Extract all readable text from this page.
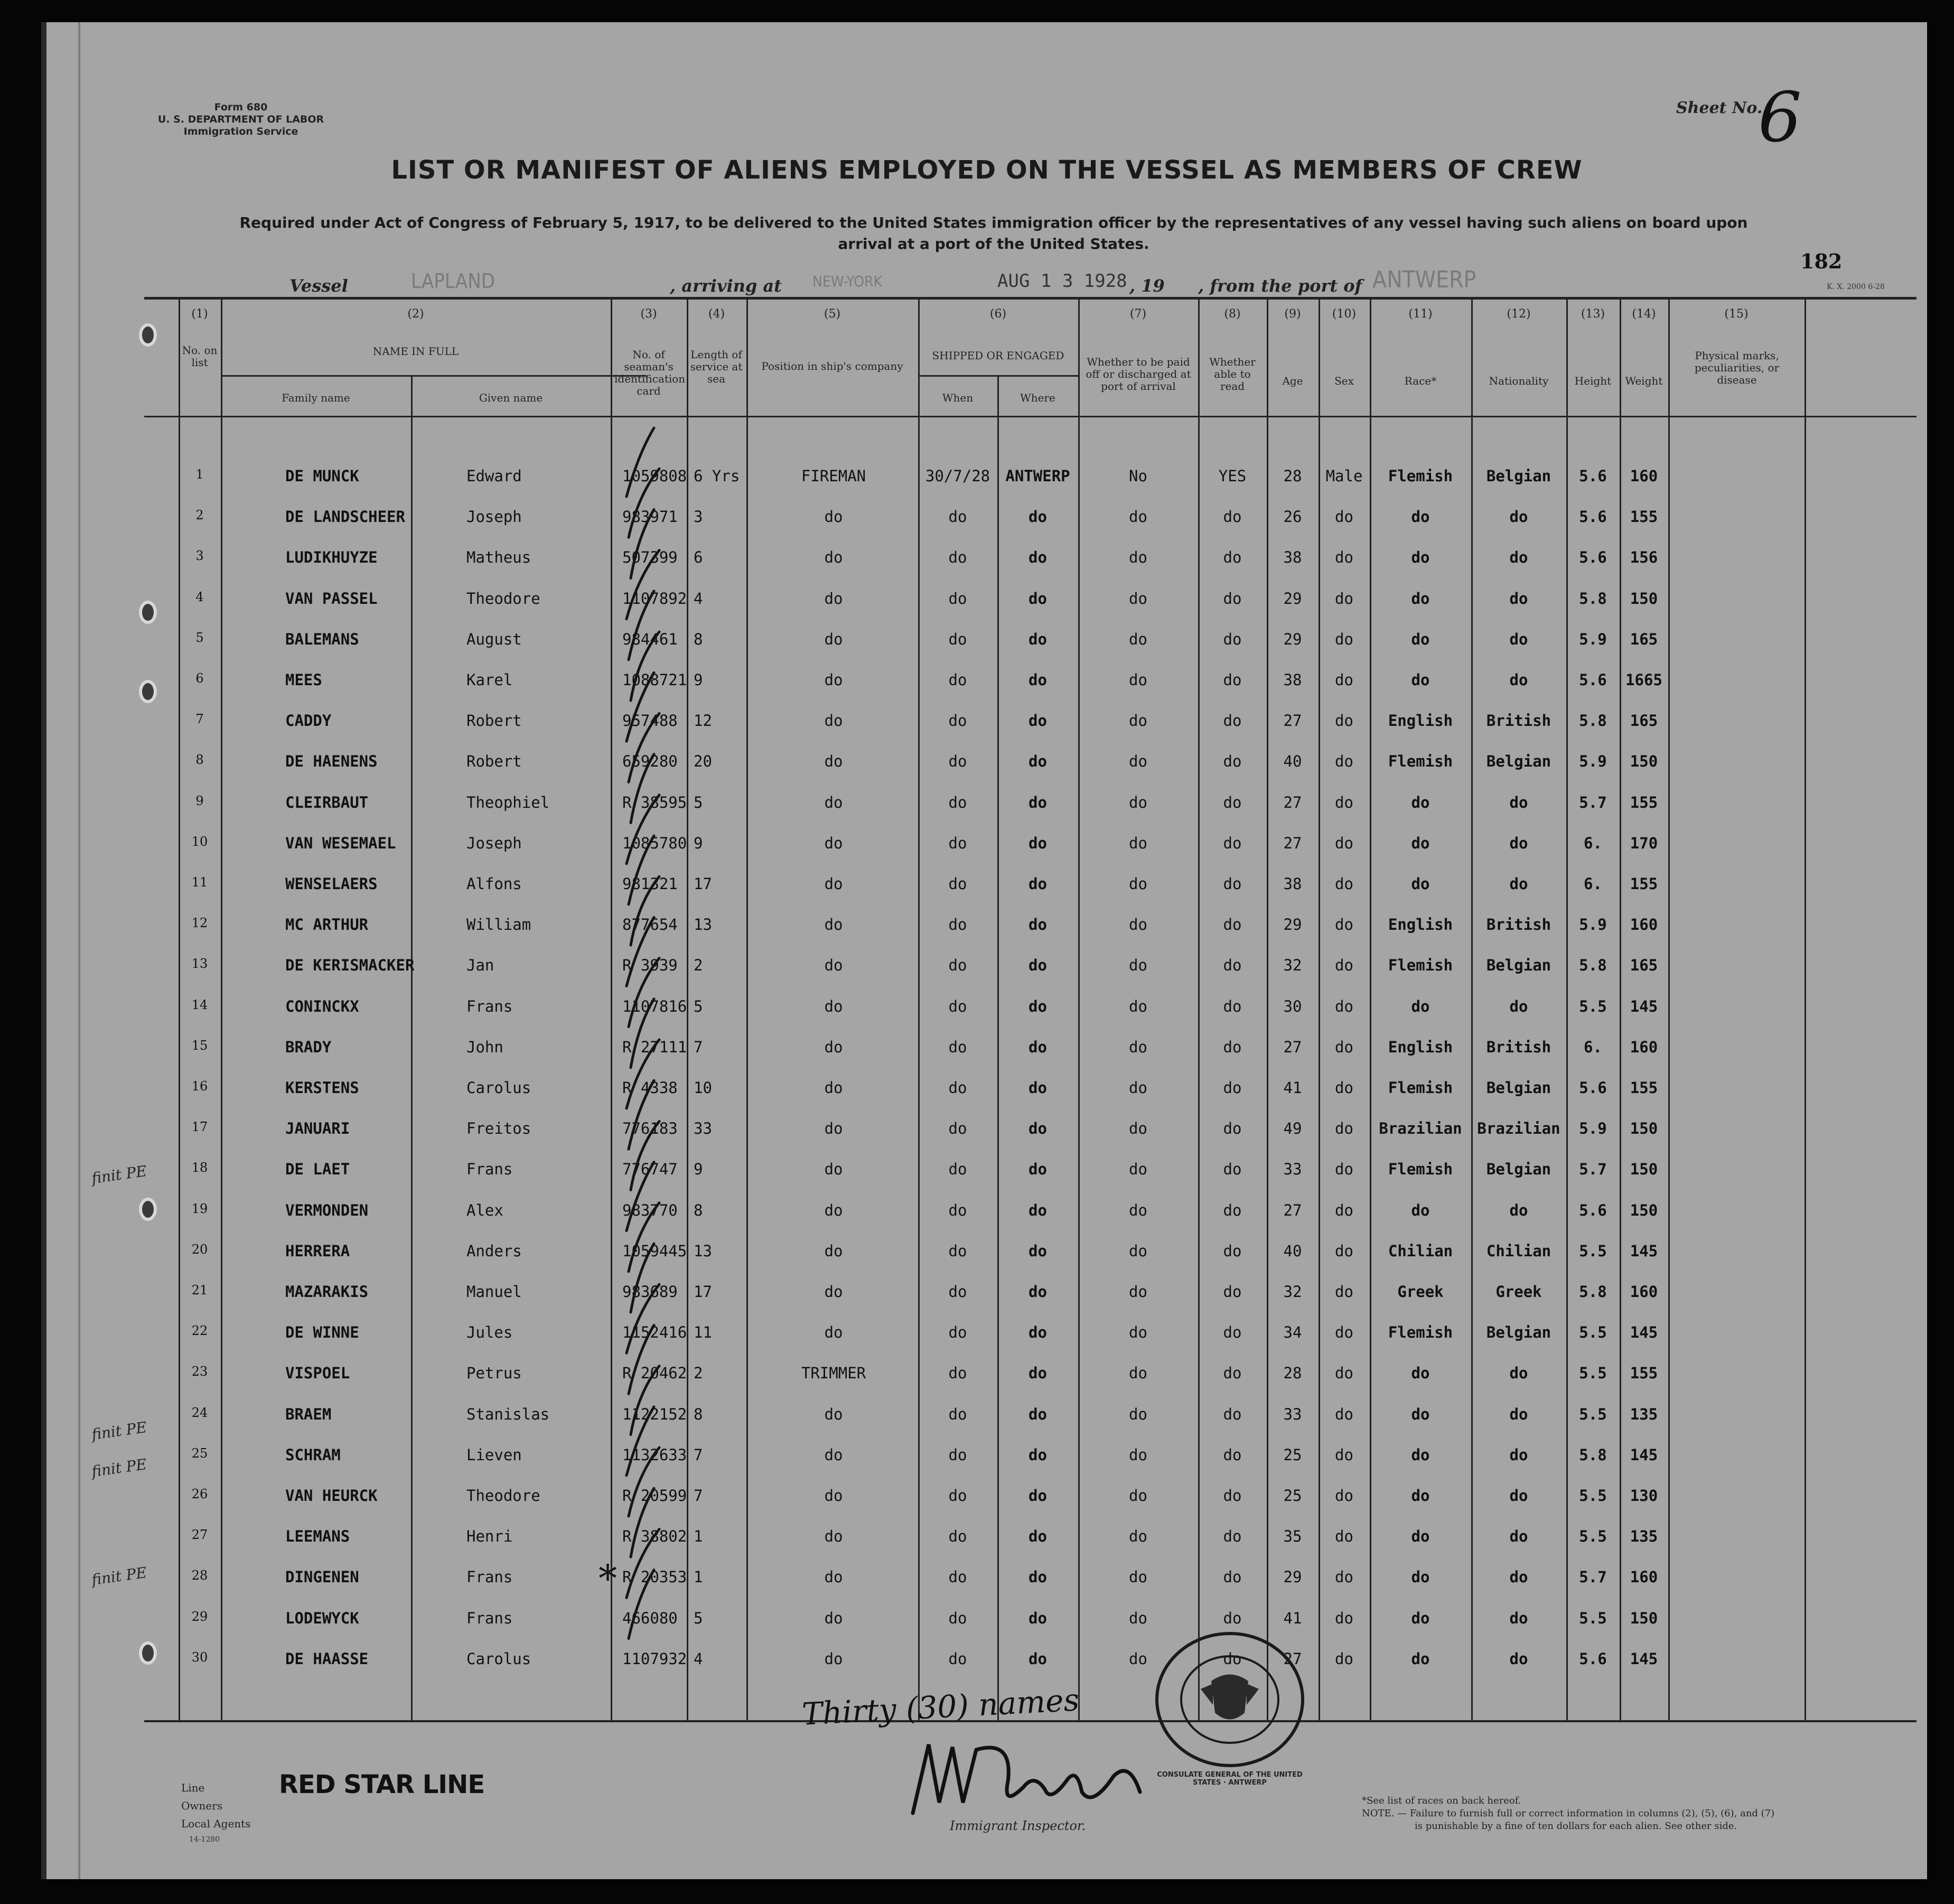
Form 680
U. S. DEPARTMENT OF LABOR
Immigration Service
Sheet No.
6
LIST OR MANIFEST OF ALIENS EMPLOYED ON THE VESSEL AS MEMBERS OF CREW
Required under Act of Congress of February 5, 1917, to be delivered to the United States immigration officer by the representatives of any vessel having such aliens on board upon
arrival at a port of the United States.
182
K. X. 2000 6-28
Vessel	LAPLAND	, arriving at NEW-YORK	AUG 1 3 1928 , 19 , from the port of ANTWERP
(1)	(2)	(3)	(4)	(5)	(6)	(7)	(8)	(9)	(10)	(11)	(12)	(13)	(14)	(15)
No. on list
NAME IN FULL
Family name	Given name
No. of seaman's identification card
Length of service at sea
Position in ship's company
SHIPPED OR ENGAGED
When	Where
Whether to be paid off or discharged at port of arrival
Whether able to read	Age	Sex	Race*	Nationality	Height	Weight
Physical marks, peculiarities, or disease
1	DE MUNCK	Edward	1059808 6 Yrs	FIREMAN	30/7/28	ANTWERP	No	YES	28	Male	Flemish	Belgian	5.6	160
2	DE LANDSCHEER	Joseph	983971	3	do	do	do	do	do	26	do	do	do	5.6	155
3	LUDIKHUYZE	Matheus	507399	6	do	do	do	do	do	38	do	do	do	5.6	156
4	VAN PASSEL	Theodore	1107892 4	do	do	do	do	do	29	do	do	do	5.8	150
5	BALEMANS	August	984461	8	do	do	do	do	do	29	do	do	do	5.9	165
6	MEES	Karel	1088721 9	do	do	do	do	do	38	do	do	do	5.6	1665
7	CADDY	Robert	957488	12	do	do	do	do	do	27	do	English	British	5.8	165
8	DE HAENENS	Robert	659280	20	do	do	do	do	do	40	do	Flemish	Belgian	5.9	150
9	CLEIRBAUT	Theophiel	R 38595 5	do	do	do	do	do	27	do	do	do	5.7	155
10	VAN WESEMAEL	Joseph	1085780 9	do	do	do	do	do	27	do	do	do	6.	170
11	WENSELAERS	Alfons	981321	17	do	do	do	do	do	38	do	do	do	6.	155
12	MC ARTHUR	William	877654	13	do	do	do	do	do	29	do	English	British	5.9	160
13	DE KERISMACKER	Jan	R 3939	2	do	do	do	do	do	32	do	Flemish	Belgian	5.8	165
14	CONINCKX	Frans	1107816 5	do	do	do	do	do	30	do	do	do	5.5	145
15	BRADY	John	R 27111 7	do	do	do	do	do	27	do	English	British	6.	160
16	KERSTENS	Carolus	R 4338	10	do	do	do	do	do	41	do	Flemish	Belgian	5.6	155
17	JANUARI	Freitos	776183	33	do	do	do	do	do	49	do	Brazilian Brazilian	5.9	150
18	DE LAET	Frans	776747	9	do	do	do	do	do	33	do	Flemish	Belgian	5.7	150
19	VERMONDEN	Alex	983770	8	do	do	do	do	do	27	do	do	do	5.6	150
20	HERRERA	Anders	1059445 13	do	do	do	do	do	40	do	Chilian	Chilian	5.5	145
21	MAZARAKIS	Manuel	983689	17	do	do	do	do	do	32	do	Greek	Greek	5.8	160
22	DE WINNE	Jules	1152416 11	do	do	do	do	do	34	do	Flemish	Belgian	5.5	145
23	VISPOEL	Petrus	R 20462 2	TRIMMER	do	do	do	do	28	do	do	do	5.5	155
24	BRAEM	Stanislas	1122152 8	do	do	do	do	do	33	do	do	do	5.5	135
25	SCHRAM	Lieven	1132633 7	do	do	do	do	do	25	do	do	do	5.8	145
26	VAN HEURCK	Theodore	R 20599 7	do	do	do	do	do	25	do	do	do	5.5	130
27	LEEMANS	Henri	R 38802 1	do	do	do	do	do	35	do	do	do	5.5	135
28	DINGENEN	Frans	R 20353 1	do	do	do	do	do	29	do	do	do	5.7	160
29	LODEWYCK	Frans	466080	5	do	do	do	do	do	41	do	do	do	5.5	150
30	DE HAASSE	Carolus	1107932 4	do	do	do	do	do	27	do	do	do	5.6	145
finit PE
finit PE
finit PE
finit PE	*
Thirty (30) names
CONSULATE GENERAL OF THE UNITED STATES · ANTWERP
Line
Owners
Local Agents
14-1280
RED STAR LINE
Immigrant Inspector.
*See list of races on back hereof.
NOTE. — Failure to furnish full or correct information in columns (2), (5), (6), and (7)
is punishable by a fine of ten dollars for each alien. See other side.
